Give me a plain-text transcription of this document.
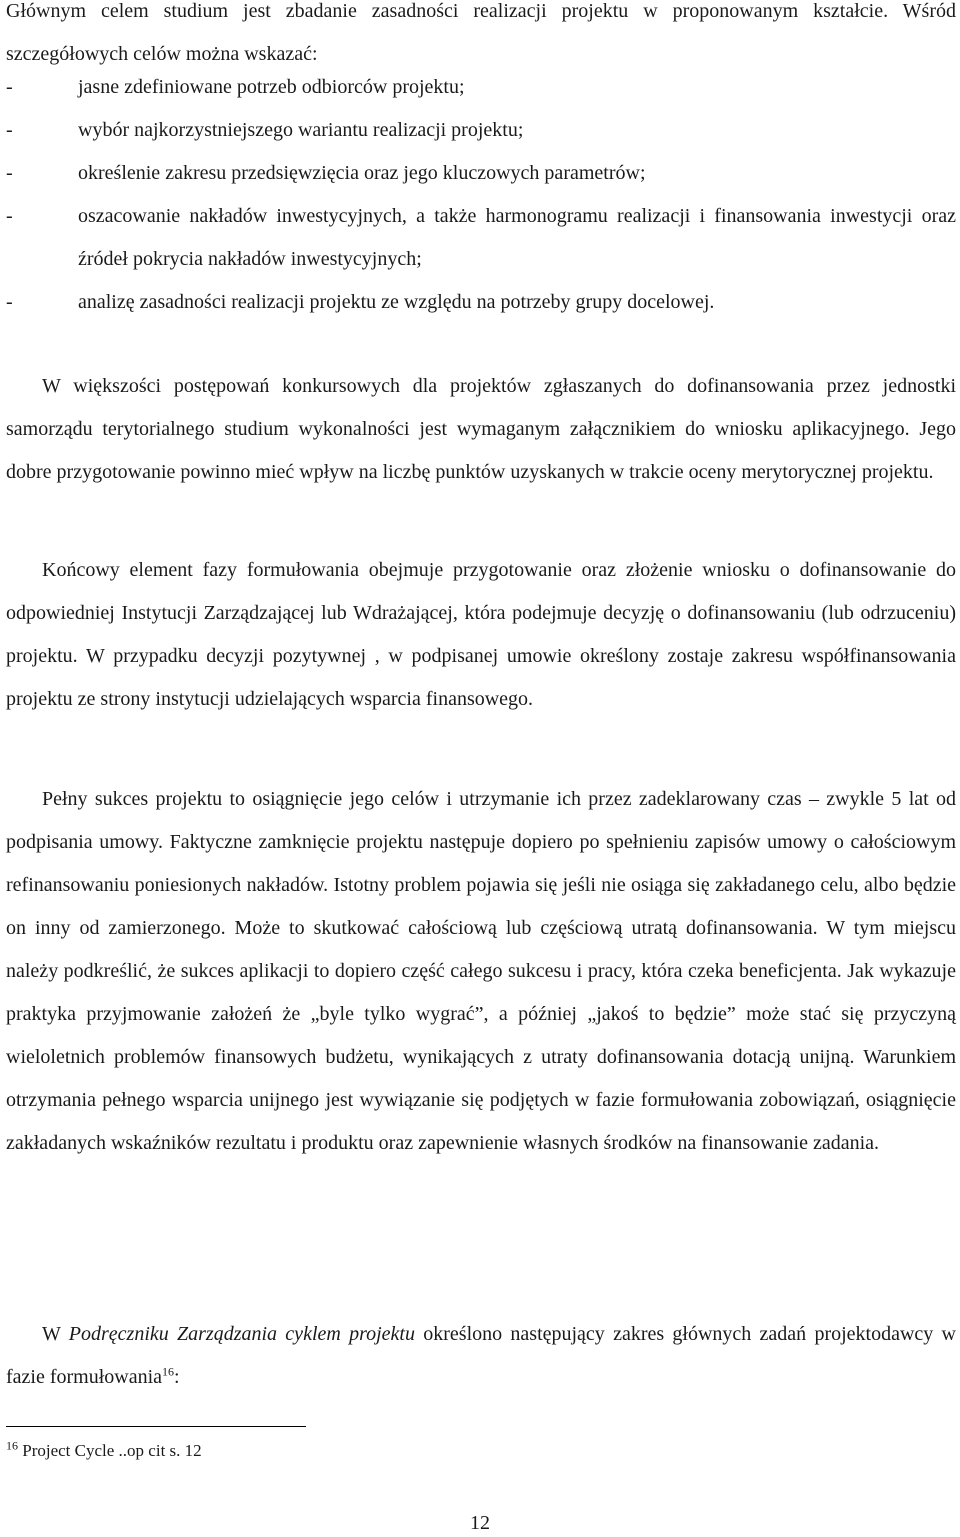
Głównym celem studium jest zbadanie zasadności realizacji projektu w proponowanym kształcie. Wśród szczegółowych celów można wskazać:

-	jasne zdefiniowane potrzeb odbiorców projektu;
-	wybór najkorzystniejszego wariantu realizacji projektu;
-	określenie zakresu przedsięwzięcia oraz jego kluczowych parametrów;
-	oszacowanie nakładów inwestycyjnych, a także harmonogramu realizacji i finansowania inwestycji oraz źródeł pokrycia nakładów inwestycyjnych;
-	analizę zasadności realizacji projektu ze względu na potrzeby grupy docelowej.

W większości postępowań konkursowych dla projektów zgłaszanych do dofinansowania przez jednostki samorządu terytorialnego studium wykonalności jest wymaganym załącznikiem do wniosku aplikacyjnego. Jego dobre przygotowanie powinno mieć wpływ na liczbę punktów uzyskanych w trakcie oceny merytorycznej projektu.

Końcowy element fazy formułowania obejmuje przygotowanie oraz złożenie wniosku o dofinansowanie do odpowiedniej Instytucji Zarządzającej lub Wdrażającej, która podejmuje decyzję o dofinansowaniu (lub odrzuceniu) projektu. W przypadku decyzji pozytywnej , w podpisanej umowie określony zostaje zakresu współfinansowania projektu ze strony instytucji udzielających wsparcia finansowego.

Pełny sukces projektu to osiągnięcie jego celów i utrzymanie ich przez zadeklarowany czas – zwykle 5 lat od podpisania umowy. Faktyczne zamknięcie projektu następuje dopiero po spełnieniu zapisów umowy o całościowym refinansowaniu poniesionych nakładów. Istotny problem pojawia się jeśli nie osiąga się zakładanego celu, albo będzie on inny od zamierzonego. Może to skutkować całościową lub częściową utratą dofinansowania. W tym miejscu należy podkreślić, że sukces aplikacji to dopiero część całego sukcesu i pracy, która czeka beneficjenta. Jak wykazuje praktyka przyjmowanie założeń że „byle tylko wygrać”, a później „jakoś to będzie” może stać się przyczyną wieloletnich problemów finansowych budżetu, wynikających z utraty dofinansowania dotacją unijną. Warunkiem otrzymania pełnego wsparcia unijnego jest wywiązanie się podjętych w fazie formułowania zobowiązań, osiągnięcie zakładanych wskaźników rezultatu i produktu oraz zapewnienie własnych środków na finansowanie zadania.

W Podręczniku Zarządzania cyklem projektu określono następujący zakres głównych zadań projektodawcy w fazie formułowania$^{16}$:

$^{16}$ Project Cycle ..op cit s. 12
12
